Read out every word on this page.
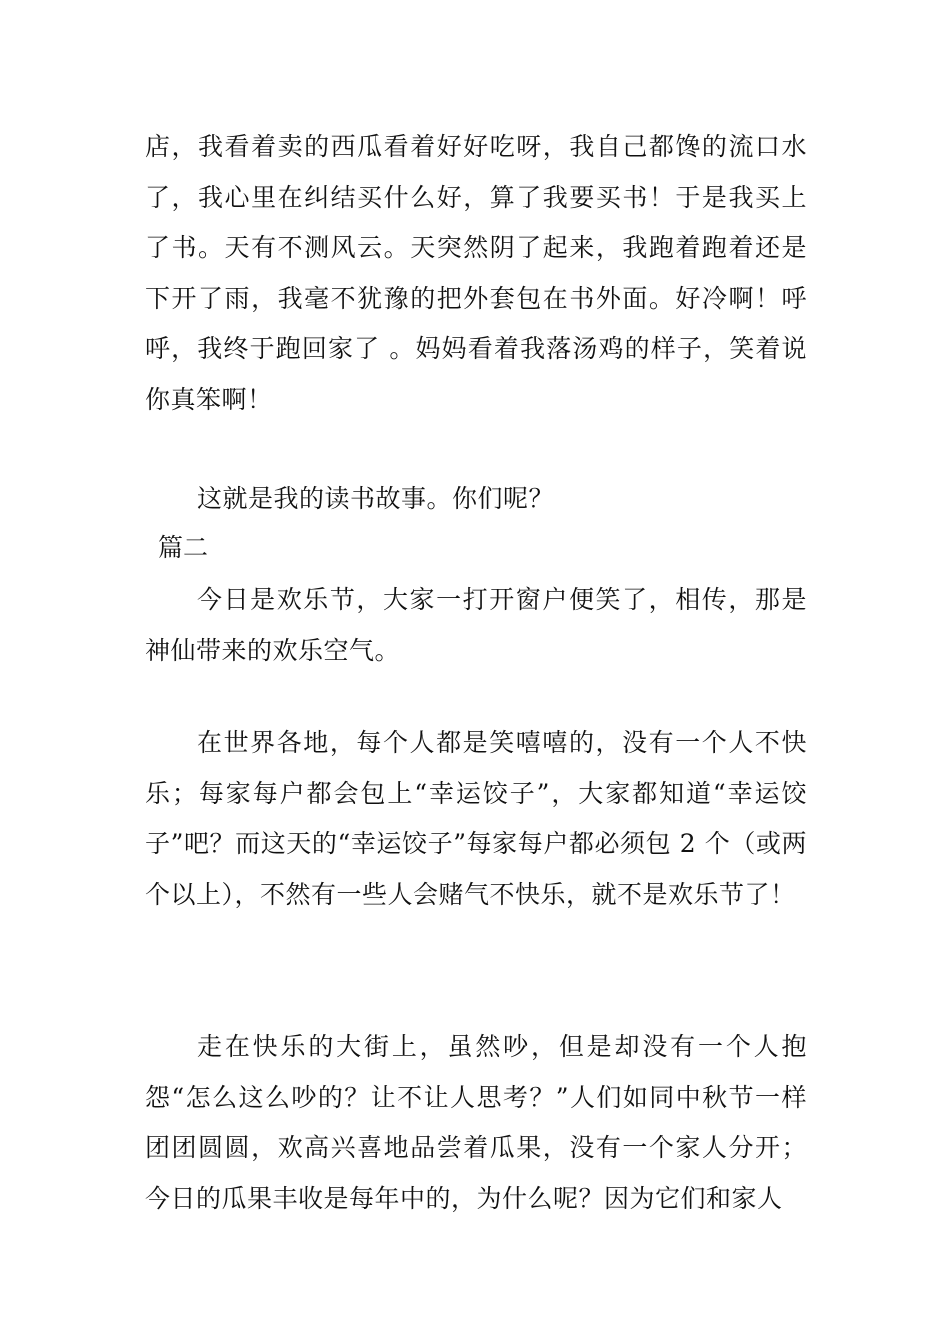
店，我看着卖的西瓜看着好好吃呀，我自己都馋的流口水了，我心里在纠结买什么好，算了我要买书！于是我买上了书。天有不测风云。天突然阴了起来，我跑着跑着还是下开了雨，我毫不犹豫的把外套包在书外面。好冷啊！呼呼，我终于跑回家了 。妈妈看着我落汤鸡的样子，笑着说你真笨啊！

这就是我的读书故事。你们呢？

篇二

今日是欢乐节，大家一打开窗户便笑了，相传，那是神仙带来的欢乐空气。

在世界各地，每个人都是笑嘻嘻的，没有一个人不快乐；每家每户都会包上“幸运饺子”，大家都知道“幸运饺子”吧？而这天的“幸运饺子”每家每户都必须包 2 个（或两个以上），不然有一些人会赌气不快乐，就不是欢乐节了！

走在快乐的大街上，虽然吵，但是却没有一个人抱怨“怎么这么吵的？让不让人思考？”人们如同中秋节一样团团圆圆，欢高兴喜地品尝着瓜果，没有一个家人分开；今日的瓜果丰收是每年中的，为什么呢？因为它们和家人
